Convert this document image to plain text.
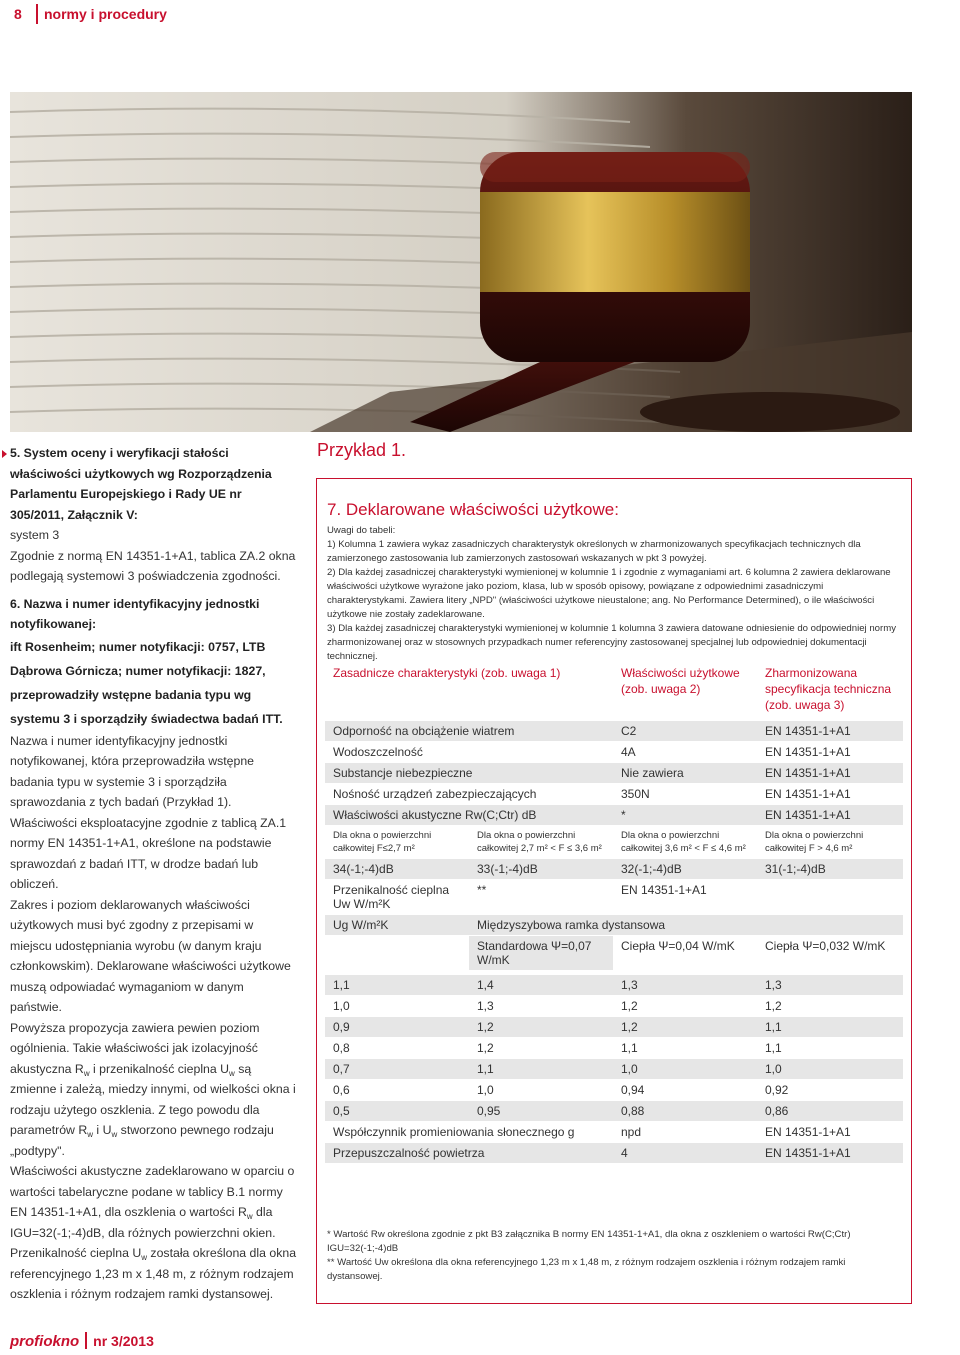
8 normy i procedury

5. System oceny i weryfikacji stałości właściwości użytkowych wg Rozporządzenia Parlamentu Europejskiego i Rady UE nr 305/2011, Załącznik V:

system 3

Zgodnie z normą EN 14351-1+A1, tablica ZA.2 okna podlegają systemowi 3 poświadczenia zgodności.

6. Nazwa i numer identyfikacyjny jednostki notyfikowanej:

ift Rosenheim; numer notyfikacji: 0757, LTB Dąbrowa Górnicza; numer notyfikacji: 1827, przeprowadziły wstępne badania typu wg systemu 3 i sporządziły świadectwa badań ITT.

Nazwa i numer identyfikacyjny jednostki notyfikowanej, która przeprowadziła wstępne badania typu w systemie 3 i sporządziła sprawozdania z tych badań (Przykład 1).

Właściwości eksploatacyjne zgodnie z tablicą ZA.1 normy EN 14351-1+A1, określone na podstawie sprawozdań z badań ITT, w drodze badań lub obliczeń.

Zakres i poziom deklarowanych właściwości użytkowych musi być zgodny z przepisami w miejscu udostępniania wyrobu (w danym kraju członkowskim). Deklarowane właściwości użytkowe muszą odpowiadać wymaganiom w danym państwie.

Powyższa propozycja zawiera pewien poziom ogólnienia. Takie właściwości jak izolacyjność akustyczna $R_w$ i przenikalność cieplna $U_w$ są zmienne i zależą, miedzy innymi, od wielkości okna i rodzaju użytego oszklenia. Z tego powodu dla parametrów $R_w$ i $U_w$ stworzono pewnego rodzaju „podtypy".

Właściwości akustyczne zadeklarowano w oparciu o wartości tabelaryczne podane w tablicy B.1 normy EN 14351-1+A1, dla oszklenia o wartości $R_w$ dla IGU=32(-1;-4)dB, dla różnych powierzchni okien.

Przenikalność cieplna $U_w$ została określona dla okna referencyjnego 1,23 m x 1,48 m, z różnym rodzajem oszklenia i różnym rodzajem ramki dystansowej.

Przykład 1.
7. Deklarowane właściwości użytkowe:

Uwagi do tabeli:

1) Kolumna 1 zawiera wykaz zasadniczych charakterystyk określonych w zharmonizowanych specyfikacjach technicznych dla zamierzonego zastosowania lub zamierzonych zastosowań wskazanych w pkt 3 powyżej.

2) Dla każdej zasadniczej charakterystyki wymienionej w kolumnie 1 i zgodnie z wymaganiami art. 6 kolumna 2 zawiera deklarowane właściwości użytkowe wyrażone jako poziom, klasa, lub w sposób opisowy, powiązane z odpowiednimi zasadniczymi charakterystykami. Zawiera litery „NPD" (właściwości użytkowe nieustalone; ang. No Performance Determined), o ile właściwości użytkowe nie zostały zadeklarowane.

3) Dla każdej zasadniczej charakterystyki wymienionej w kolumnie 1 kolumna 3 zawiera datowane odniesienie do odpowiedniej normy zharmonizowanej oraz w stosownych przypadkach numer referencyjny zastosowanej specjalnej lub odpowiedniej dokumentacji technicznej.

Zasadnicze charakterystyki (zob. uwaga 1)		Właściwości użytkowe (zob. uwaga 2)	Zharmonizowana specyfikacja techniczna (zob. uwaga 3)

Odporność na obciążenie wiatrem		C2	EN 14351-1+A1
Wodoszczelność		4A	EN 14351-1+A1
Substancje niebezpieczne		Nie zawiera	EN 14351-1+A1
Nośność urządzeń zabezpieczających		350N	EN 14351-1+A1
Właściwości akustyczne Rw(C;Ctr) dB		*	EN 14351-1+A1
Dla okna o powierzchni całkowitej F≤2,7 m²	Dla okna o powierzchni całkowitej 2,7 m² < F ≤ 3,6 m²	Dla okna o powierzchni całkowitej 3,6 m² < F ≤ 4,6 m²	Dla okna o powierzchni całkowitej F > 4,6 m²
34(-1;-4)dB	33(-1;-4)dB	32(-1;-4)dB	31(-1;-4)dB
Przenikalność cieplna Uw W/m²K	**	EN 14351-1+A1	
Ug W/m²K	Międzyszybowa ramka dystansowa		
	Standardowa Ψ=0,07 W/mK	Ciepła Ψ=0,04 W/mK	Ciepła Ψ=0,032 W/mK

1,1	1,4	1,3	1,3
1,0	1,3	1,2	1,2
0,9	1,2	1,2	1,1
0,8	1,2	1,1	1,1
0,7	1,1	1,0	1,0
0,6	1,0	0,94	0,92
0,5	0,95	0,88	0,86
Współczynnik promieniowania słonecznego g		npd	EN 14351-1+A1
Przepuszczalność powietrza		4	EN 14351-1+A1

* Wartość Rw określona zgodnie z pkt B3 załącznika B normy EN 14351-1+A1, dla okna z oszkleniem o wartości Rw(C;Ctr) IGU=32(-1;-4)dB

** Wartość Uw określona dla okna referencyjnego 1,23 m x 1,48 m, z różnym rodzajem oszklenia i różnym rodzajem ramki dystansowej.

profiokno nr 3/2013
